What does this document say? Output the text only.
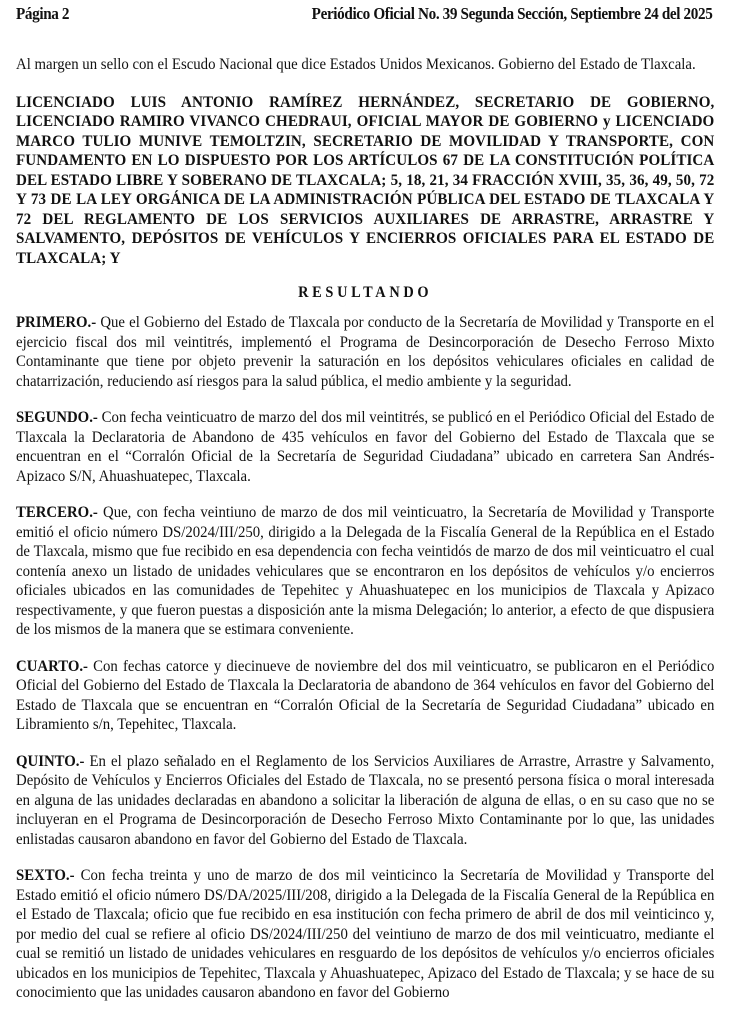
Página 2	Periódico Oficial No. 39 Segunda Sección, Septiembre 24 del 2025

Al margen un sello con el Escudo Nacional que dice Estados Unidos Mexicanos. Gobierno del Estado de Tlaxcala.

LICENCIADO LUIS ANTONIO RAMÍREZ HERNÁNDEZ, SECRETARIO DE GOBIERNO, LICENCIADO RAMIRO VIVANCO CHEDRAUI, OFICIAL MAYOR DE GOBIERNO y LICENCIADO MARCO TULIO MUNIVE TEMOLTZIN, SECRETARIO DE MOVILIDAD Y TRANSPORTE, CON FUNDAMENTO EN LO DISPUESTO POR LOS ARTÍCULOS 67 DE LA CONSTITUCIÓN POLÍTICA DEL ESTADO LIBRE Y SOBERANO DE TLAXCALA; 5, 18, 21, 34 FRACCIÓN XVIII, 35, 36, 49, 50, 72 Y 73 DE LA LEY ORGÁNICA DE LA ADMINISTRACIÓN PÚBLICA DEL ESTADO DE TLAXCALA Y 72 DEL REGLAMENTO DE LOS SERVICIOS AUXILIARES DE ARRASTRE, ARRASTRE Y SALVAMENTO, DEPÓSITOS DE VEHÍCULOS Y ENCIERROS OFICIALES PARA EL ESTADO DE TLAXCALA; Y

RESULTANDO

PRIMERO.- Que el Gobierno del Estado de Tlaxcala por conducto de la Secretaría de Movilidad y Transporte en el ejercicio fiscal dos mil veintitrés, implementó el Programa de Desincorporación de Desecho Ferroso Mixto Contaminante que tiene por objeto prevenir la saturación en los depósitos vehiculares oficiales en calidad de chatarrización, reduciendo así riesgos para la salud pública, el medio ambiente y la seguridad.

SEGUNDO.- Con fecha veinticuatro de marzo del dos mil veintitrés, se publicó en el Periódico Oficial del Estado de Tlaxcala la Declaratoria de Abandono de 435 vehículos en favor del Gobierno del Estado de Tlaxcala que se encuentran en el “Corralón Oficial de la Secretaría de Seguridad Ciudadana” ubicado en carretera San Andrés-Apizaco S/N, Ahuashuatepec, Tlaxcala.

TERCERO.- Que, con fecha veintiuno de marzo de dos mil veinticuatro, la Secretaría de Movilidad y Transporte emitió el oficio número DS/2024/III/250, dirigido a la Delegada de la Fiscalía General de la República en el Estado de Tlaxcala, mismo que fue recibido en esa dependencia con fecha veintidós de marzo de dos mil veinticuatro el cual contenía anexo un listado de unidades vehiculares que se encontraron en los depósitos de vehículos y/o encierros oficiales ubicados en las comunidades de Tepehitec y Ahuashuatepec en los municipios de Tlaxcala y Apizaco respectivamente, y que fueron puestas a disposición ante la misma Delegación; lo anterior, a efecto de que dispusiera de los mismos de la manera que se estimara conveniente.

CUARTO.- Con fechas catorce y diecinueve de noviembre del dos mil veinticuatro, se publicaron en el Periódico Oficial del Gobierno del Estado de Tlaxcala la Declaratoria de abandono de 364 vehículos en favor del Gobierno del Estado de Tlaxcala que se encuentran en “Corralón Oficial de la Secretaría de Seguridad Ciudadana” ubicado en Libramiento s/n, Tepehitec, Tlaxcala.

QUINTO.- En el plazo señalado en el Reglamento de los Servicios Auxiliares de Arrastre, Arrastre y Salvamento, Depósito de Vehículos y Encierros Oficiales del Estado de Tlaxcala, no se presentó persona física o moral interesada en alguna de las unidades declaradas en abandono a solicitar la liberación de alguna de ellas, o en su caso que no se incluyeran en el Programa de Desincorporación de Desecho Ferroso Mixto Contaminante por lo que, las unidades enlistadas causaron abandono en favor del Gobierno del Estado de Tlaxcala.

SEXTO.- Con fecha treinta y uno de marzo de dos mil veinticinco la Secretaría de Movilidad y Transporte del Estado emitió el oficio número DS/DA/2025/III/208, dirigido a la Delegada de la Fiscalía General de la República en el Estado de Tlaxcala; oficio que fue recibido en esa institución con fecha primero de abril de dos mil veinticinco y, por medio del cual se refiere al oficio DS/2024/III/250 del veintiuno de marzo de dos mil veinticuatro, mediante el cual se remitió un listado de unidades vehiculares en resguardo de los depósitos de vehículos y/o encierros oficiales ubicados en los municipios de Tepehitec, Tlaxcala y Ahuashuatepec, Apizaco del Estado de Tlaxcala; y se hace de su conocimiento que las unidades causaron abandono en favor del Gobierno
